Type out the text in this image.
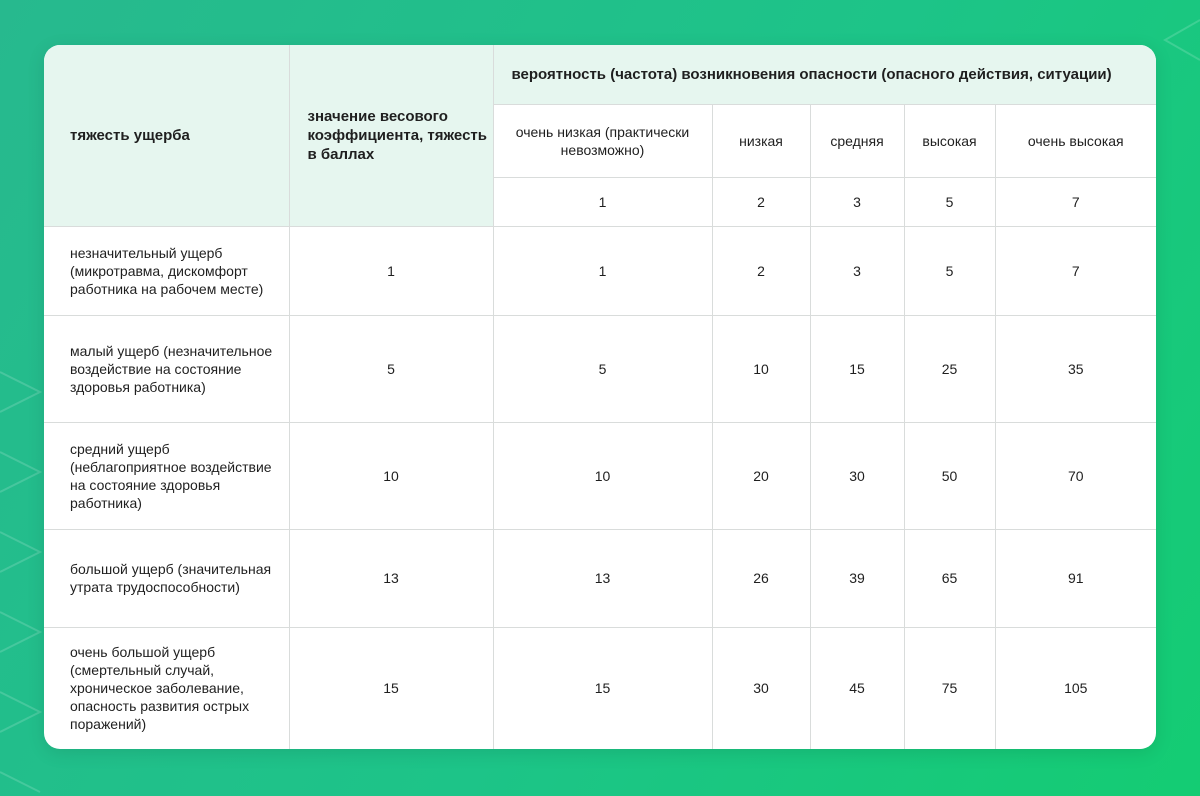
тяжесть ущерба	значение весового коэффициента, тяжесть в баллах	вероятность (частота) возникновения опасности (опасного действия, ситуации)				
		очень низкая (практически невозможно)	низкая	средняя	высокая	очень высокая
		1	2	3	5	7
незначительный ущерб (микротравма, дискомфорт работника на рабочем месте)	1	1	2	3	5	7
малый ущерб (незначительное воздействие на состояние здоровья работника)	5	5	10	15	25	35
средний ущерб (неблагоприятное воздействие на состояние здоровья работника)	10	10	20	30	50	70
большой ущерб (значительная утрата трудоспособности)	13	13	26	39	65	91
очень большой ущерб (смертельный случай, хроническое заболевание, опасность развития острых поражений)	15	15	30	45	75	105
